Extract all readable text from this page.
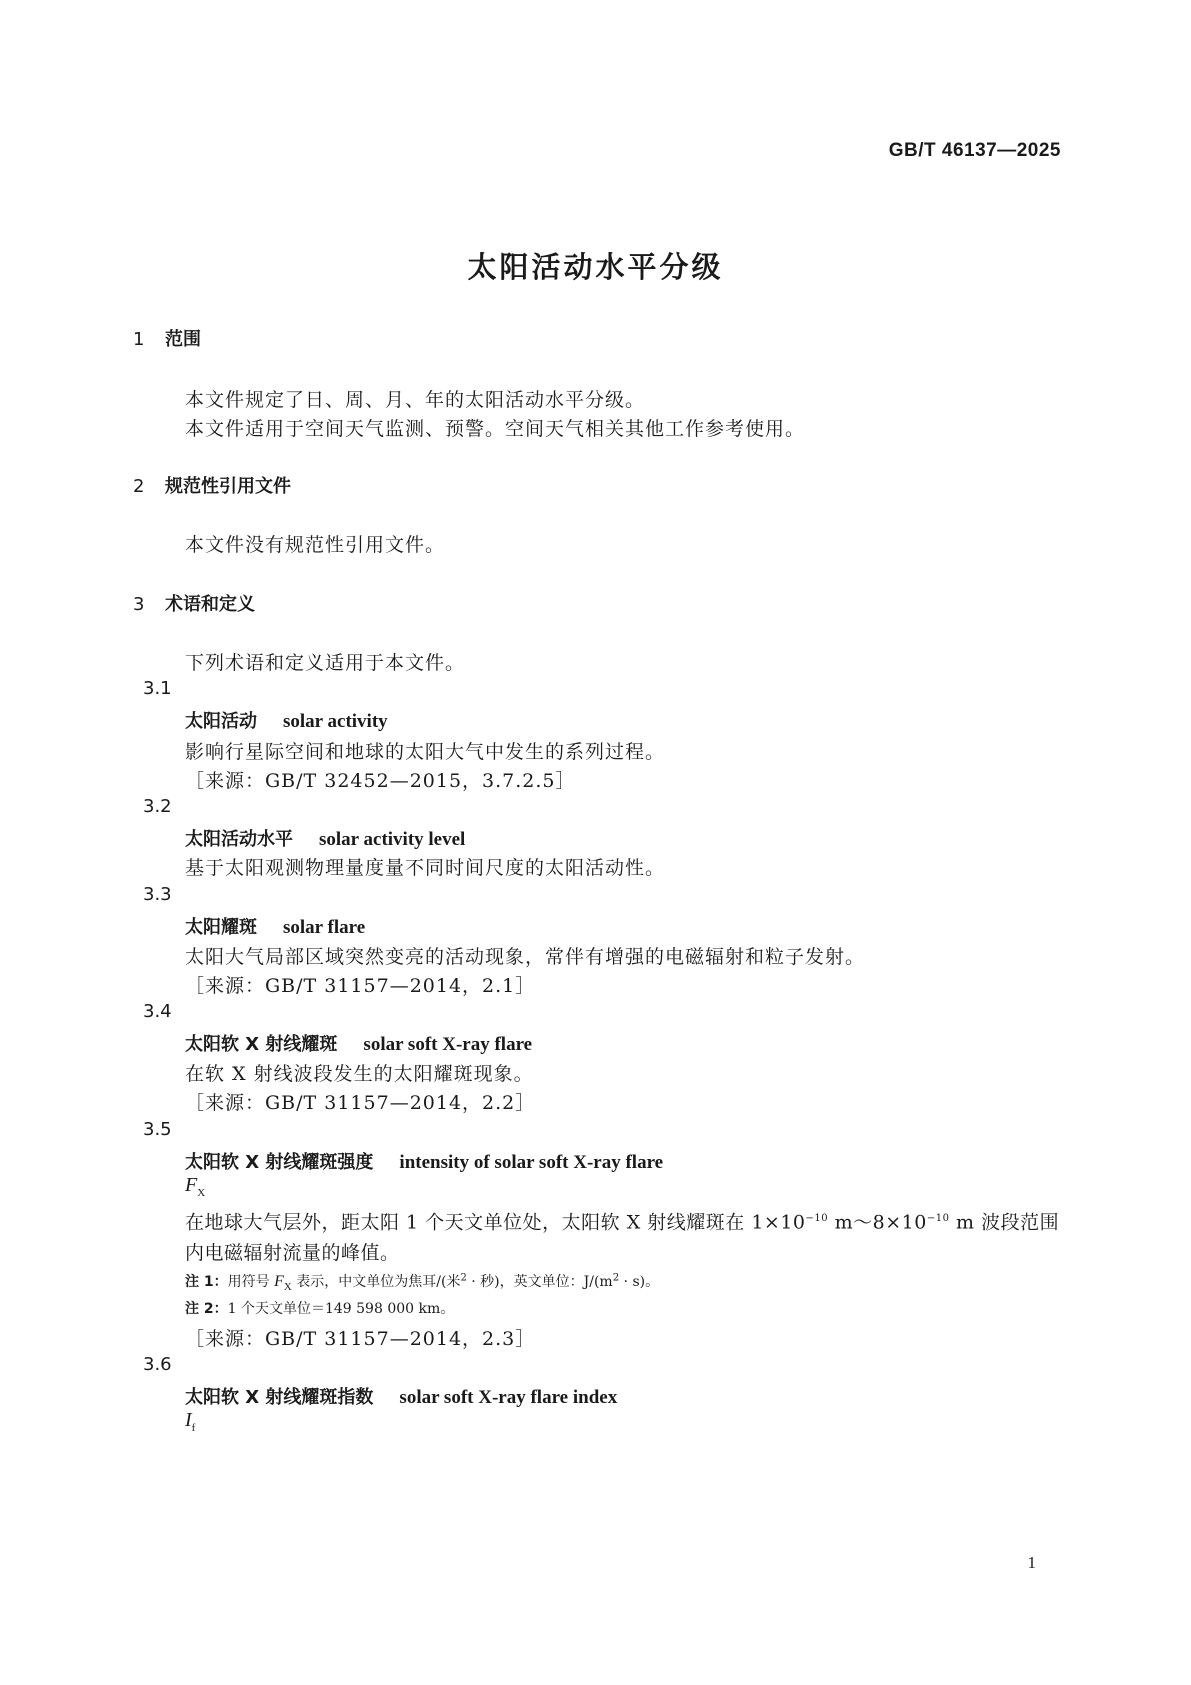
GB/T 46137—2025
太阳活动水平分级
1 范围
本文件规定了日、周、月、年的太阳活动水平分级。
本文件适用于空间天气监测、预警。空间天气相关其他工作参考使用。
2 规范性引用文件
本文件没有规范性引用文件。
3 术语和定义
下列术语和定义适用于本文件。
3.1
太阳活动 solar activity
影响行星际空间和地球的太阳大气中发生的系列过程。
［来源：GB/T 32452—2015，3.7.2.5］
3.2
太阳活动水平 solar activity level
基于太阳观测物理量度量不同时间尺度的太阳活动性。
3.3
太阳耀斑 solar flare
太阳大气局部区域突然变亮的活动现象，常伴有增强的电磁辐射和粒子发射。
［来源：GB/T 31157—2014，2.1］
3.4
太阳软 X 射线耀斑 solar soft X-ray flare
在软 X 射线波段发生的太阳耀斑现象。
［来源：GB/T 31157—2014，2.2］
3.5
太阳软 X 射线耀斑强度 intensity of solar soft X-ray flare
$F_X$
在地球大气层外，距太阳 1 个天文单位处，太阳软 X 射线耀斑在 $1\times 10^{-10}$ $m\sim 8\times 10^{-10}$ m 波段范围内电磁辐射流量的峰值。
注 1：用符号 $F_X$ 表示，中文单位为焦耳/(米$^2$ · 秒)，英文单位：$J/(m^2 \cdot s)$。
注 2：1 个天文单位＝149 598 000 km。
［来源：GB/T 31157—2014，2.3］
3.6
太阳软 X 射线耀斑指数 solar soft X-ray flare index
$I_f$
1
